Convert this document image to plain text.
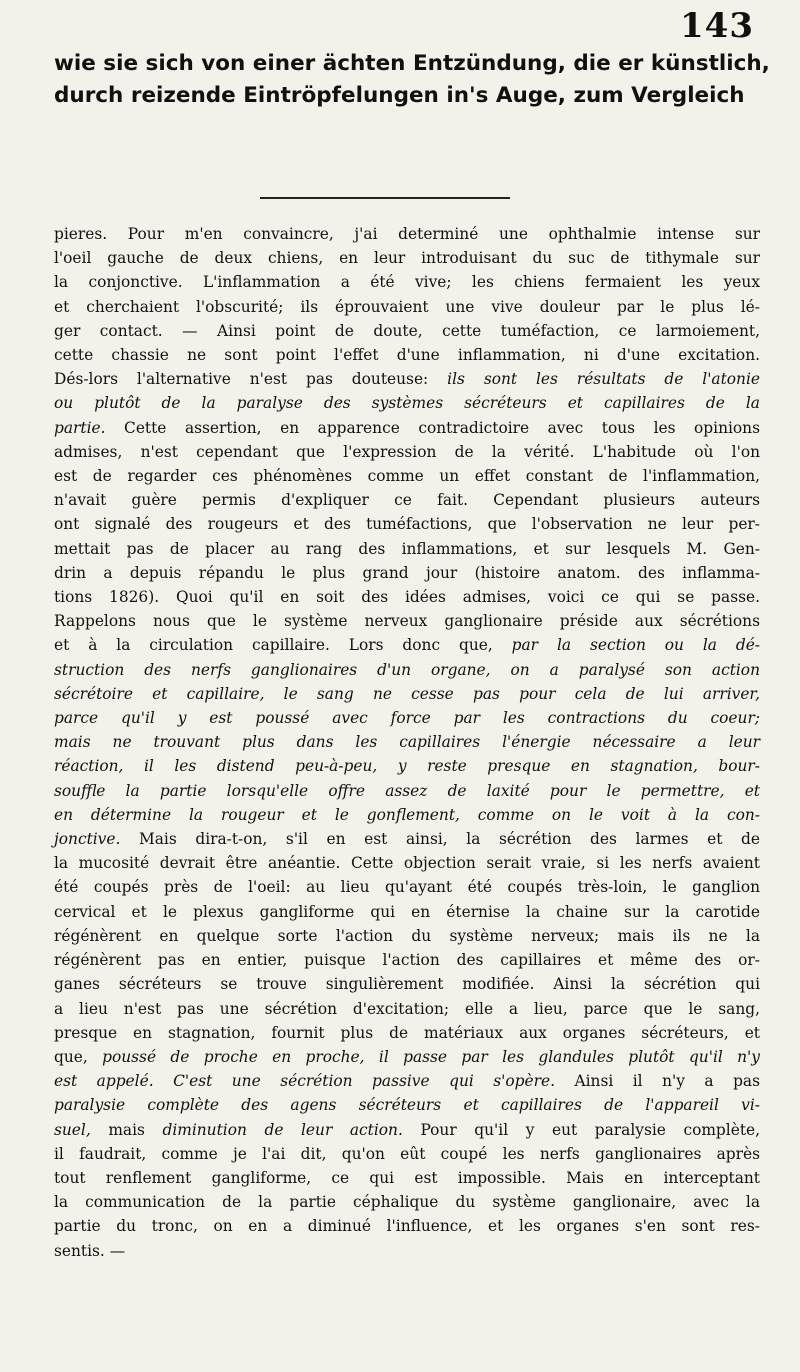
143
wie sie sich von einer ächten Entzündung, die er künstlich,
durch reizende Eintröpfelungen in's Auge, zum Vergleich
pieres. Pour m'en convaincre, j'ai determiné une ophthalmie intense sur
l'oeil gauche de deux chiens, en leur introduisant du suc de tithymale sur
la conjonctive. L'inflammation a été vive; les chiens fermaient les yeux
et cherchaient l'obscurité; ils éprouvaient une vive douleur par le plus lé-
ger contact. — Ainsi point de doute, cette tuméfaction, ce larmoiement,
cette chassie ne sont point l'effet d'une inflammation, ni d'une excitation.
Dés-lors l'alternative n'est pas douteuse: ils sont les résultats de l'atonie
ou plutôt de la paralyse des systèmes sécréteurs et capillaires de la
partie. Cette assertion, en apparence contradictoire avec tous les opinions
admises, n'est cependant que l'expression de la vérité. L'habitude où l'on
est de regarder ces phénomènes comme un effet constant de l'inflammation,
n'avait guère permis d'expliquer ce fait. Cependant plusieurs auteurs
ont signalé des rougeurs et des tuméfactions, que l'observation ne leur per-
mettait pas de placer au rang des inflammations, et sur lesquels M. Gen-
drin a depuis répandu le plus grand jour (histoire anatom. des inflamma-
tions 1826). Quoi qu'il en soit des idées admises, voici ce qui se passe.
Rappelons nous que le système nerveux ganglionaire préside aux sécrétions
et à la circulation capillaire. Lors donc que, par la section ou la dé-
struction des nerfs ganglionaires d'un organe, on a paralysé son action
sécrétoire et capillaire, le sang ne cesse pas pour cela de lui arriver,
parce qu'il y est poussé avec force par les contractions du coeur;
mais ne trouvant plus dans les capillaires l'énergie nécessaire a leur
réaction, il les distend peu-à-peu, y reste presque en stagnation, bour-
souffle la partie lorsqu'elle offre assez de laxité pour le permettre, et
en détermine la rougeur et le gonflement, comme on le voit à la con-
jonctive. Mais dira-t-on, s'il en est ainsi, la sécrétion des larmes et de
la mucosité devrait être anéantie. Cette objection serait vraie, si les nerfs avaient
été coupés près de l'oeil: au lieu qu'ayant été coupés très-loin, le ganglion
cervical et le plexus gangliforme qui en éternise la chaine sur la carotide
régénèrent en quelque sorte l'action du système nerveux; mais ils ne la
régénèrent pas en entier, puisque l'action des capillaires et même des or-
ganes sécréteurs se trouve singulièrement modifiée. Ainsi la sécrétion qui
a lieu n'est pas une sécrétion d'excitation; elle a lieu, parce que le sang,
presque en stagnation, fournit plus de matériaux aux organes sécréteurs, et
que, poussé de proche en proche, il passe par les glandules plutôt qu'il n'y
est appelé. C'est une sécrétion passive qui s'opère. Ainsi il n'y a pas
paralysie complète des agens sécréteurs et capillaires de l'appareil vi-
suel, mais diminution de leur action. Pour qu'il y eut paralysie complète,
il faudrait, comme je l'ai dit, qu'on eût coupé les nerfs ganglionaires après
tout renflement gangliforme, ce qui est impossible. Mais en interceptant
la communication de la partie céphalique du système ganglionaire, avec la
partie du tronc, on en a diminué l'influence, et les organes s'en sont res-
sentis. —
